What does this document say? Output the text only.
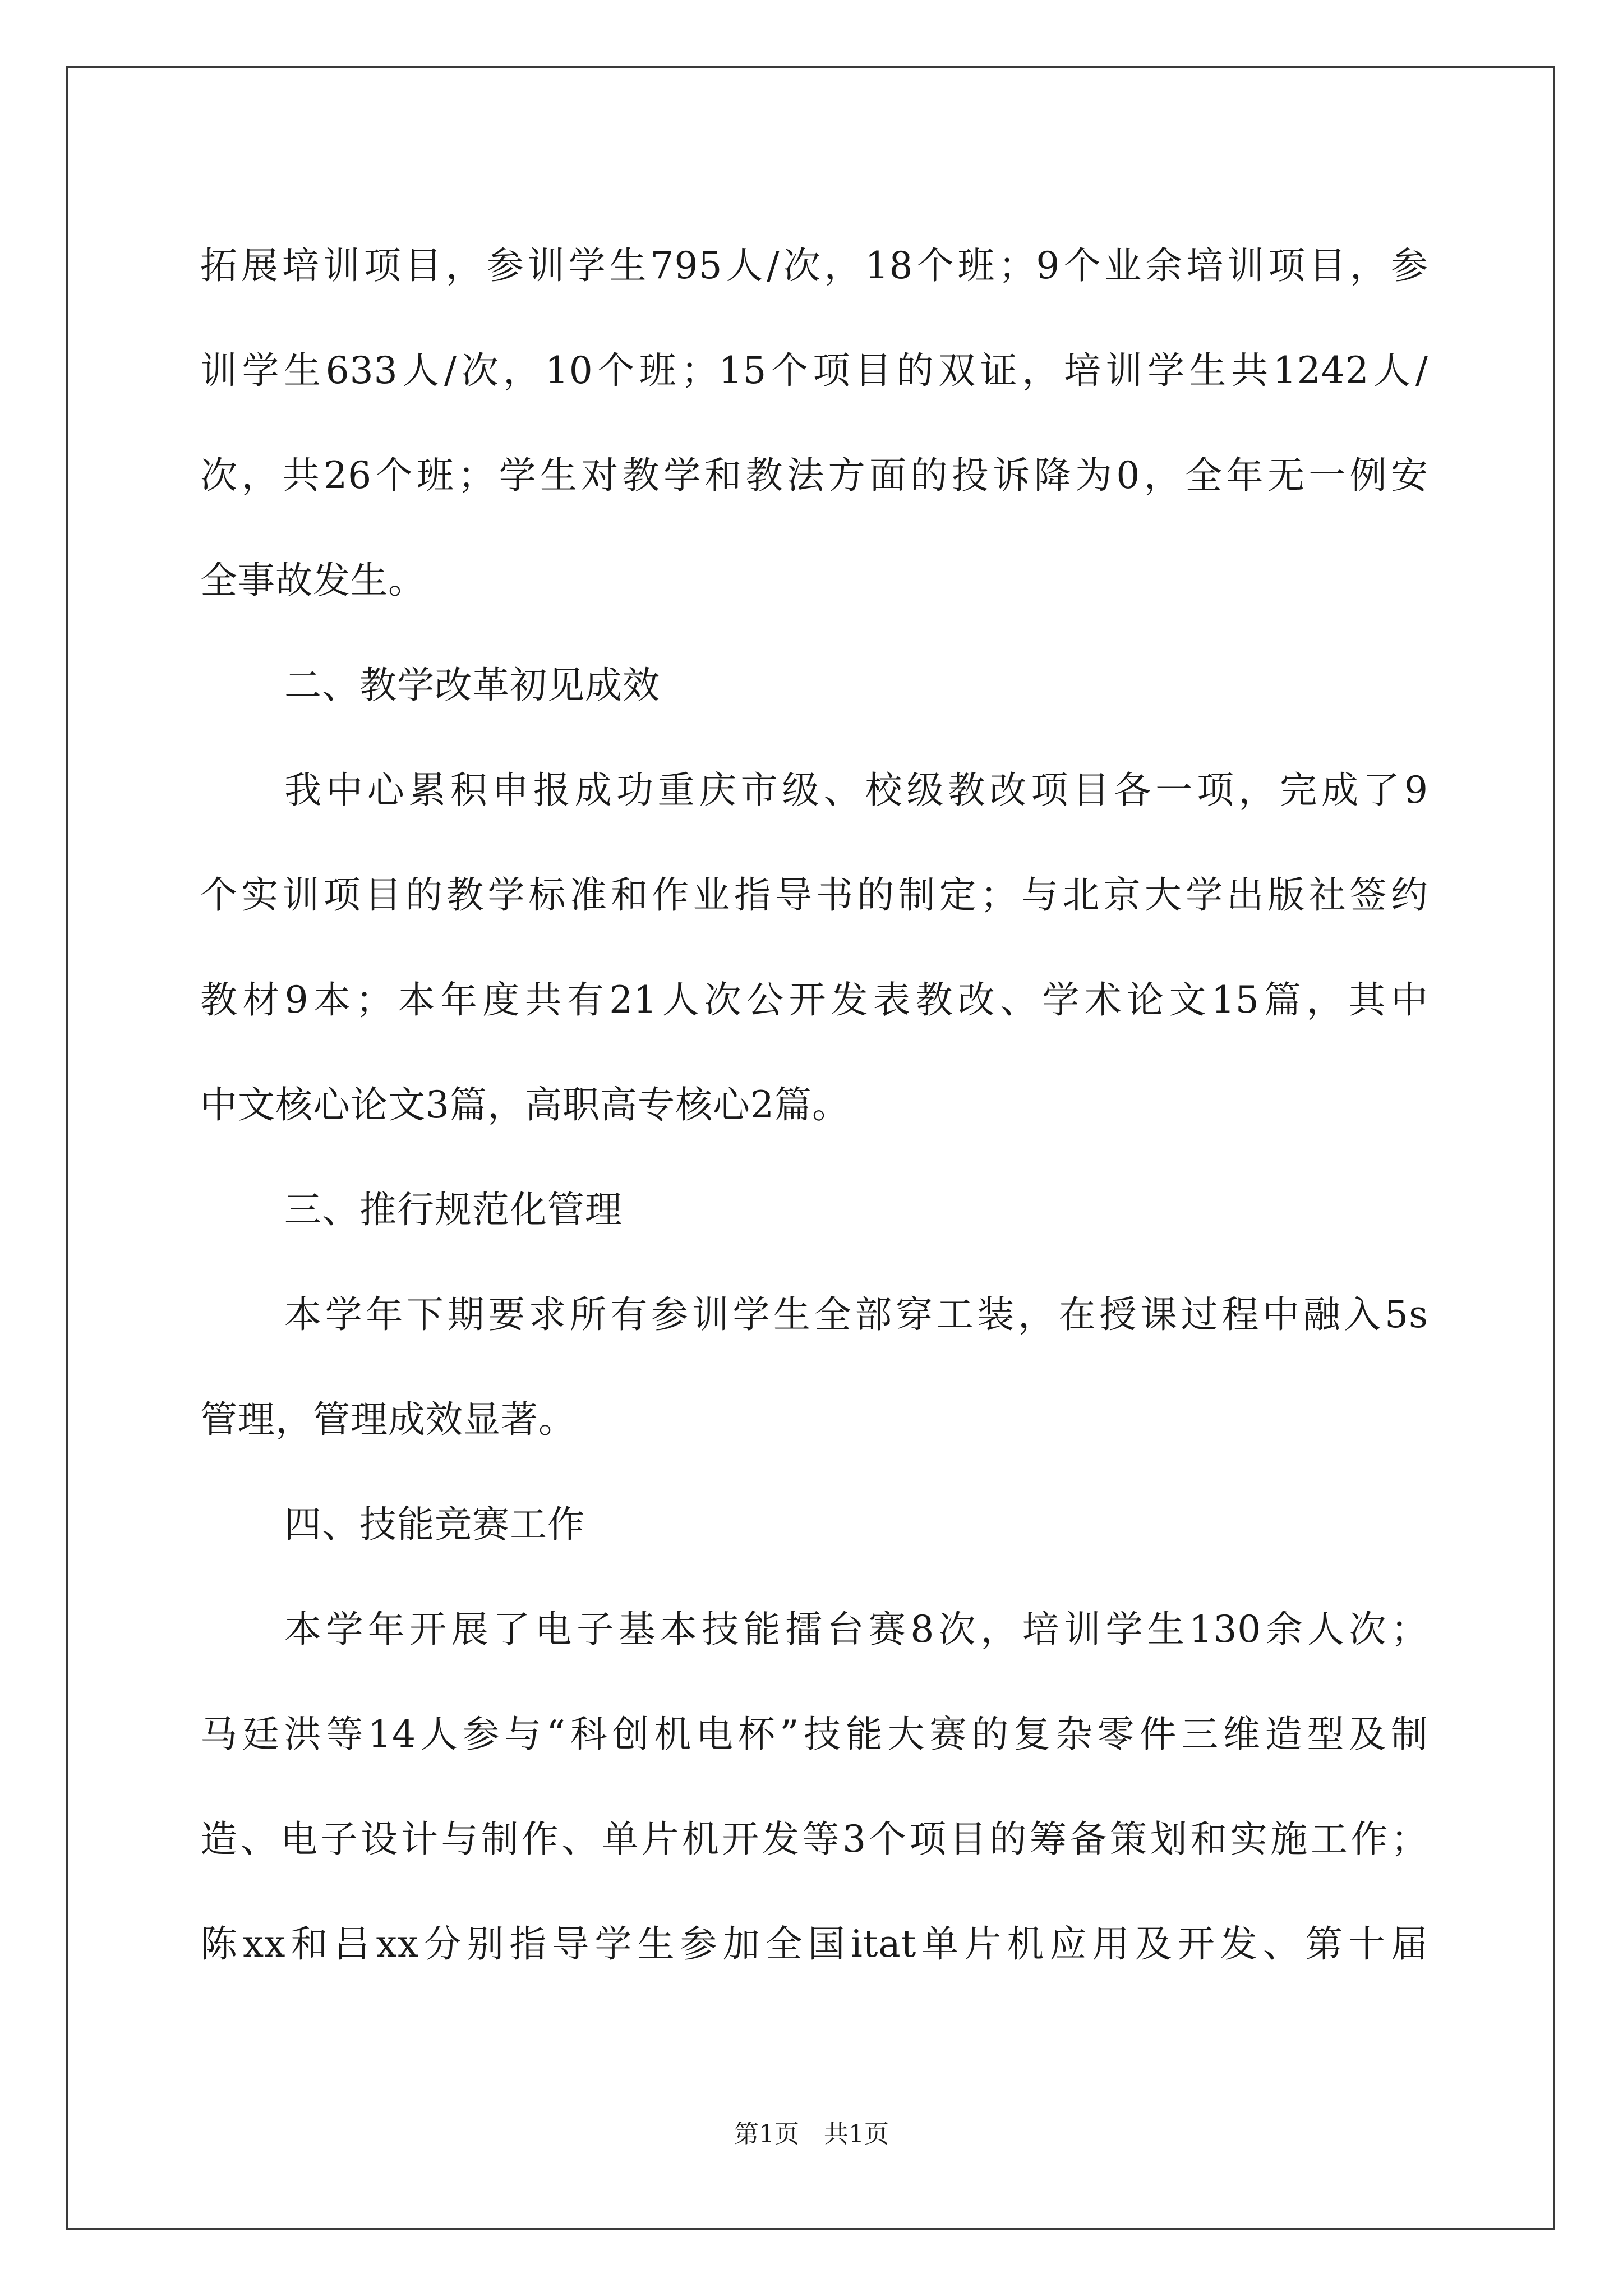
拓展培训项目，参训学生795人/次，18个班；9个业余培训项目，参
训学生633人/次，10个班；15个项目的双证，培训学生共1242人/
次，共26个班；学生对教学和教法方面的投诉降为0，全年无一例安
全事故发生。
二、教学改革初见成效
我中心累积申报成功重庆市级、校级教改项目各一项，完成了9
个实训项目的教学标准和作业指导书的制定；与北京大学出版社签约
教材9本；本年度共有21人次公开发表教改、学术论文15篇，其中
中文核心论文3篇，高职高专核心2篇。
三、推行规范化管理
本学年下期要求所有参训学生全部穿工装，在授课过程中融入5s
管理，管理成效显著。
四、技能竞赛工作
本学年开展了电子基本技能擂台赛8次，培训学生130余人次；
马廷洪等14人参与“科创机电杯”技能大赛的复杂零件三维造型及制
造、电子设计与制作、单片机开发等3个项目的筹备策划和实施工作；
陈xx和吕xx分别指导学生参加全国itat单片机应用及开发、第十届
第1页　共1页
